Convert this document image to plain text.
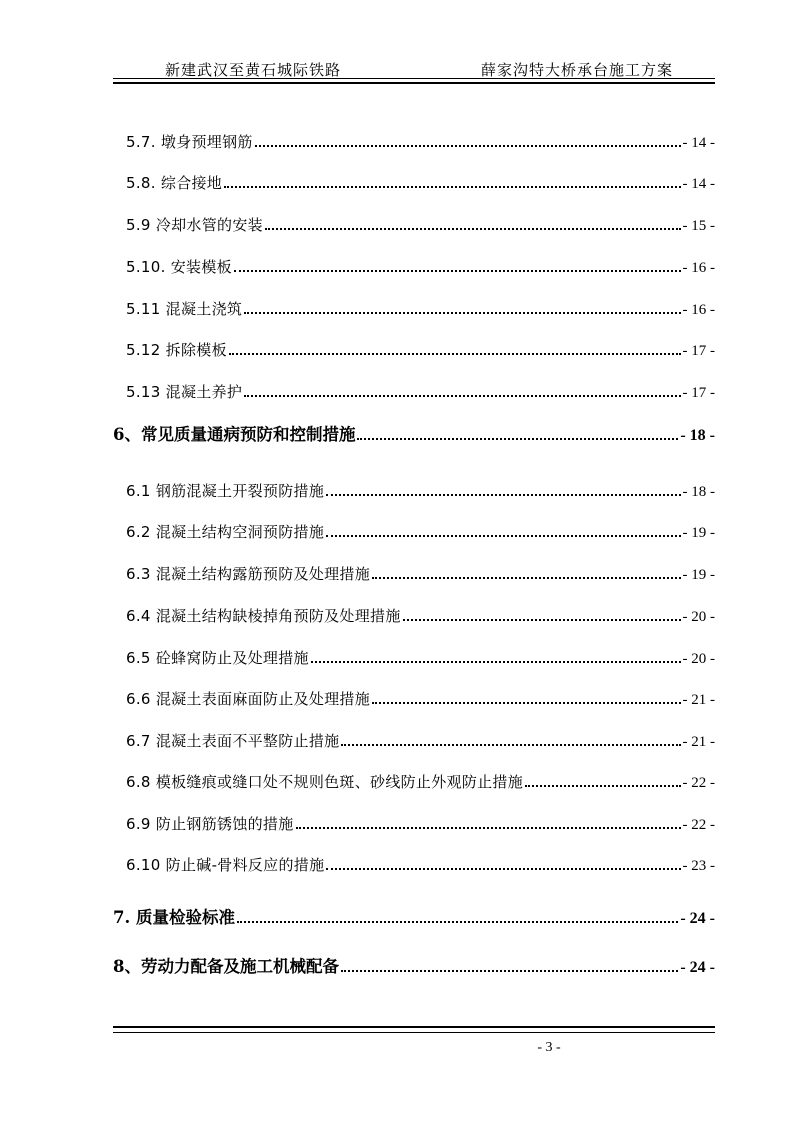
新建武汉至黄石城际铁路	薛家沟特大桥承台施工方案
5.7. 墩身预埋钢筋	- 14 -
5.8. 综合接地	- 14 -
5.9 冷却水管的安装	- 15 -
5.10. 安装模板	- 16 -
5.11 混凝土浇筑	- 16 -
5.12 拆除模板	- 17 -
5.13 混凝土养护	- 17 -
6、常见质量通病预防和控制措施	- 18 -
6.1 钢筋混凝土开裂预防措施	- 18 -
6.2 混凝土结构空洞预防措施	- 19 -
6.3 混凝土结构露筋预防及处理措施	- 19 -
6.4 混凝土结构缺棱掉角预防及处理措施	- 20 -
6.5 砼蜂窝防止及处理措施	- 20 -
6.6 混凝土表面麻面防止及处理措施	- 21 -
6.7 混凝土表面不平整防止措施	- 21 -
6.8 模板缝痕或缝口处不规则色斑、砂线防止外观防止措施	- 22 -
6.9 防止钢筋锈蚀的措施	- 22 -
6.10 防止碱-骨料反应的措施	- 23 -
7. 质量检验标准	- 24 -
8、劳动力配备及施工机械配备	- 24 -
- 3 -
